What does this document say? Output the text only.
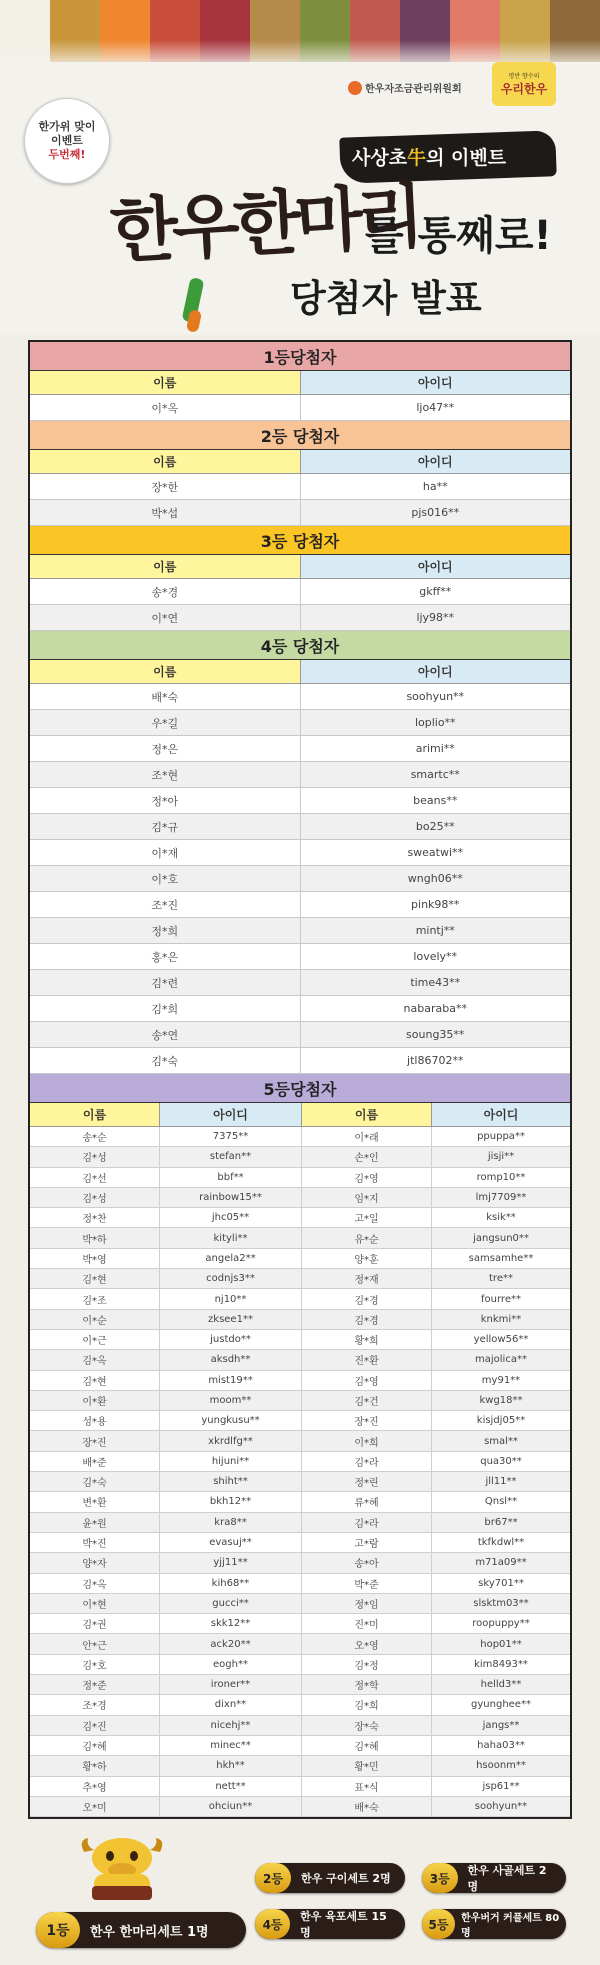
한우자조금관리위원회
명반 향수의
우리한우
한가위 맞이
이벤트
두번째!	사상초牛의 이벤트
한우한마리
를 통째로!
당첨자 발표
1등당첨자
이름	아이디
이*옥	ljo47**
2등 당첨자
이름	아이디
장*한	ha**
박*섭	pjs016**
3등 당첨자
이름	아이디
송*경	gkff**
이*연	ljy98**
4등 당첨자
이름	아이디
배*숙	soohyun**
우*길	loplio**
정*은	arimi**
조*현	smartc**
정*아	beans**
김*규	bo25**
이*재	sweatwi**
이*호	wngh06**
조*진	pink98**
정*희	mintj**
홍*은	lovely**
김*련	time43**
김*희	nabaraba**
송*연	soung35**
김*숙	jtl86702**
5등당첨자
이름	아이디	이름	아이디
송*순	7375**	이*래	ppuppa**
김*성	stefan**	손*인	jisji**
김*선	bbf**	김*영	romp10**
김*성	rainbow15**	임*지	lmj7709**
정*찬	jhc05**	고*일	ksik**
박*하	kityli**	유*순	jangsun0**
박*영	angela2**	양*훈	samsamhe**
김*현	codnjs3**	정*재	tre**
김*조	nj10**	김*경	fourre**
이*순	zksee1**	김*경	knkmi**
이*근	justdo**	황*희	yellow56**
김*옥	aksdh**	진*환	majolica**
김*현	mist19**	김*영	my91**
이*환	moom**	김*건	kwg18**
성*용	yungkusu**	장*진	kisjdj05**
장*진	xkrdlfg**	이*희	smal**
배*준	hijuni**	김*라	qua30**
김*숙	shiht**	정*린	jll11**
변*환	bkh12**	류*혜	Qnsl**
윤*원	kra8**	김*라	br67**
박*진	evasuj**	고*람	tkfkdwl**
양*자	yjj11**	송*아	m71a09**
김*옥	kih68**	박*준	sky701**
이*현	gucci**	정*임	slsktm03**
김*권	skk12**	진*미	roopuppy**
안*근	ack20**	오*영	hop01**
김*호	eogh**	김*정	kim8493**
정*준	ironer**	정*학	helld3**
조*경	dixn**	김*희	gyunghee**
김*진	nicehj**	장*숙	jangs**
김*혜	minec**	김*혜	haha03**
황*하	hkh**	황*민	hsoonm**
추*영	nett**	표*식	jsp61**
오*미	ohciun**	배*숙	soohyun**
1등	한우 한마리세트 1명
2등	한우 구이세트 2명	3등
한우 사골세트 2명
4등
한우 육포세트 15명
5등	한우버거 커플세트 80명
